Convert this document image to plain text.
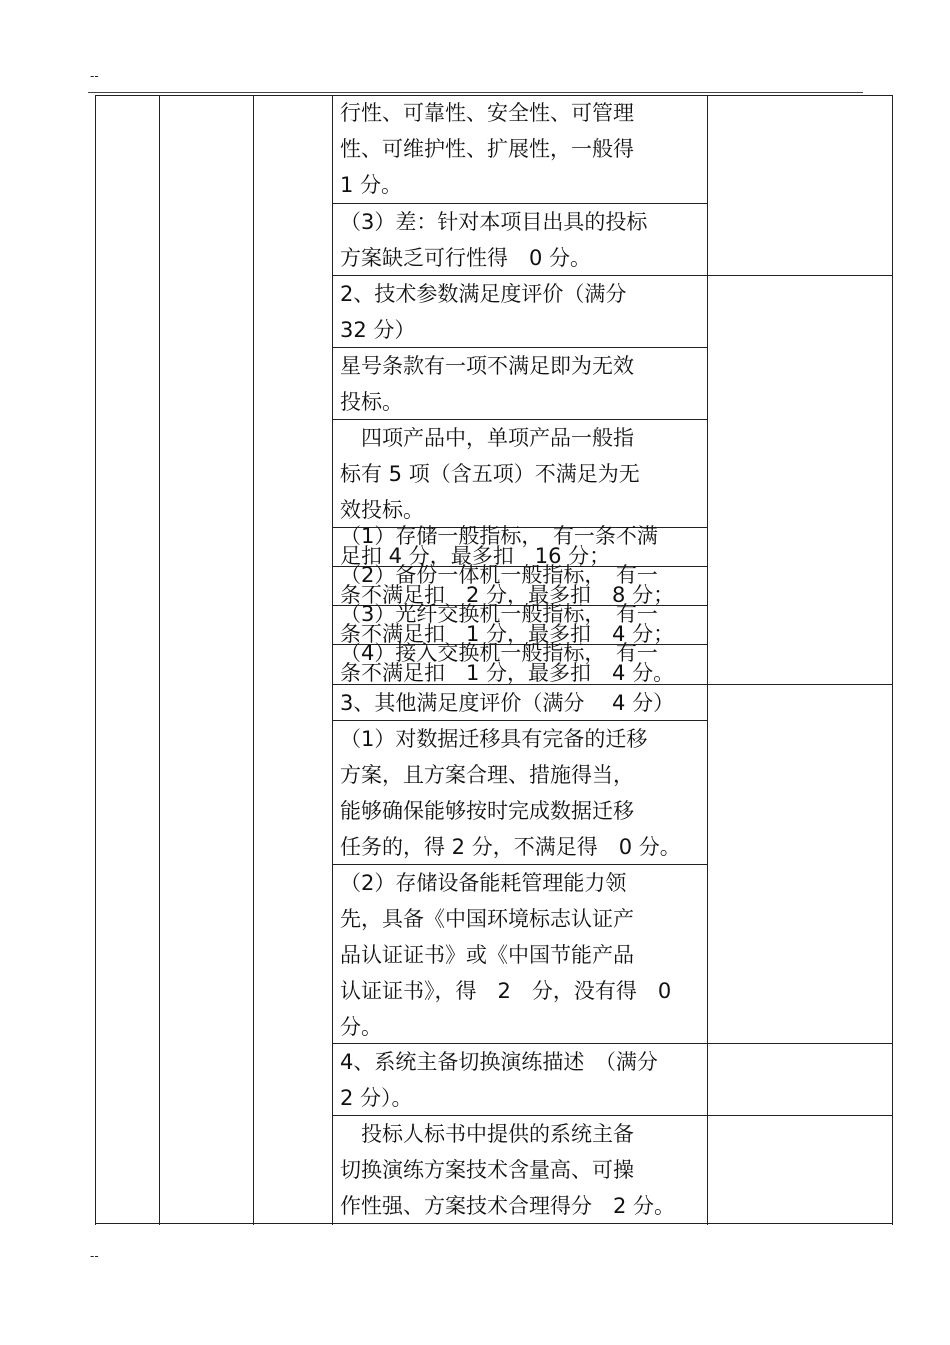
--
行性、可靠性、安全性、可管理
性、可维护性、扩展性，一般得
1 分。
（3）差：针对本项目出具的投标
方案缺乏可行性得　0 分。
2、技术参数满足度评价（满分
32 分）
星号条款有一项不满足即为无效
投标。
　四项产品中，单项产品一般指
标有 5 项（含五项）不满足为无
效投标。
（1）存储一般指标，　有一条不满
足扣 4 分，最多扣　16 分；
（2）备份一体机一般指标，　有一
条不满足扣　2 分，最多扣　8 分；
（3）光纤交换机一般指标，　有一
条不满足扣　1 分，最多扣　4 分；
（4）接入交换机一般指标，　有一
条不满足扣　1 分，最多扣　4 分。
3、其他满足度评价（满分　 4 分）
（1）对数据迁移具有完备的迁移
方案，且方案合理、措施得当，
能够确保能够按时完成数据迁移
任务的，得 2 分，不满足得　0 分。
（2）存储设备能耗管理能力领
先，具备《中国环境标志认证产
品认证证书》或《中国节能产品
认证证书》，得　2　分，没有得　0
分。
4、系统主备切换演练描述　（满分
2 分）。
　投标人标书中提供的系统主备
切换演练方案技术含量高、可操
作性强、方案技术合理得分　2 分。
--
